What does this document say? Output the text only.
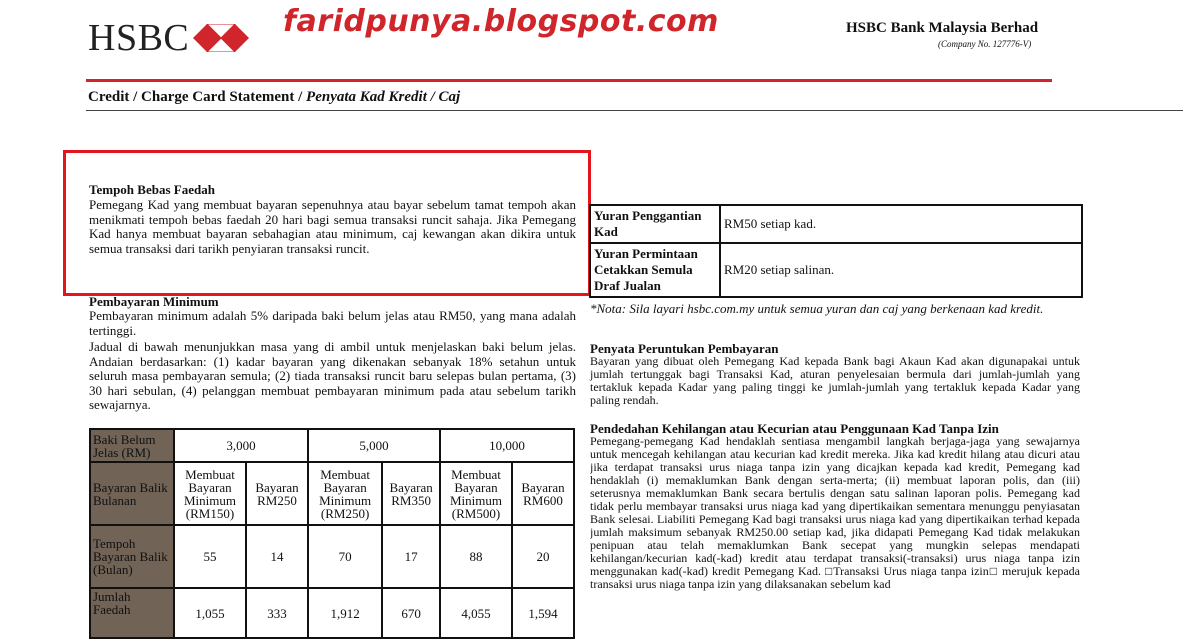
HSBC	faridpunya.blogspot.com	HSBC Bank Malaysia Berhad
(Company No. 127776-V)
Credit / Charge Card Statement / Penyata Kad Kredit / Caj
Tempoh Bebas Faedah
Pemegang Kad yang membuat bayaran sepenuhnya atau bayar sebelum tamat tempoh akan menikmati tempoh bebas faedah 20 hari bagi semua transaksi runcit sahaja. Jika Pemegang Kad hanya membuat bayaran sebahagian atau minimum, caj kewangan akan dikira untuk semua transaksi dari tarikh penyiaran transaksi runcit.
Pembayaran Minimum
Pembayaran minimum adalah 5% daripada baki belum jelas atau RM50, yang mana adalah tertinggi.
Jadual di bawah menunjukkan masa yang di ambil untuk menjelaskan baki belum jelas. Andaian berdasarkan: (1) kadar bayaran yang dikenakan sebanyak 18% setahun untuk seluruh masa pembayaran semula; (2) tiada transaksi runcit baru selepas bulan pertama, (3) 30 hari sebulan, (4) pelanggan membuat pembayaran minimum pada atau sebelum tarikh sewajarnya.
Baki Belum Jelas (RM)	3,000		5,000		10,000	
Bayaran Balik Bulanan	Membuat Bayaran Minimum (RM150)	Bayaran RM250	Membuat Bayaran Minimum (RM250)	Bayaran RM350	Membuat Bayaran Minimum (RM500)	Bayaran RM600
Tempoh Bayaran Balik (Bulan)	55	14	70	17	88	20
Jumlah Faedah	1,055	333	1,912	670	4,055	1,594
Yuran Penggantian Kad	RM50 setiap kad.
Yuran Permintaan Cetakkan Semula Draf Jualan	RM20 setiap salinan.
*Nota: Sila layari hsbc.com.my untuk semua yuran dan caj yang berkenaan kad kredit.
Penyata Peruntukan Pembayaran
Bayaran yang dibuat oleh Pemegang Kad kepada Bank bagi Akaun Kad akan digunapakai untuk jumlah tertunggak bagi Transaksi Kad, aturan penyelesaian bermula dari jumlah-jumlah yang tertakluk kepada Kadar yang paling tinggi ke jumlah-jumlah yang tertakluk kepada Kadar yang paling rendah.
Pendedahan Kehilangan atau Kecurian atau Penggunaan Kad Tanpa Izin
Pemegang-pemegang Kad hendaklah sentiasa mengambil langkah berjaga-jaga yang sewajarnya untuk mencegah kehilangan atau kecurian kad kredit mereka. Jika kad kredit hilang atau dicuri atau jika terdapat transaksi urus niaga tanpa izin yang dicajkan kepada kad kredit, Pemegang kad hendaklah (i) memaklumkan Bank dengan serta-merta; (ii) membuat laporan polis, dan (iii) seterusnya memaklumkan Bank secara bertulis dengan satu salinan laporan polis. Pemegang kad tidak perlu membayar transaksi urus niaga kad yang dipertikaikan sementara menunggu penyiasatan Bank selesai. Liabiliti Pemegang Kad bagi transaksi urus niaga kad yang dipertikaikan terhad kepada jumlah maksimum sebanyak RM250.00 setiap kad, jika didapati Pemegang Kad tidak melakukan penipuan atau telah memaklumkan Bank secepat yang mungkin selepas mendapati kehilangan/kecurian kad(-kad) kredit atau terdapat transaksi(-transaksi) urus niaga tanpa izin menggunakan kad(-kad) kredit Pemegang Kad. □Transaksi Urus niaga tanpa izin□ merujuk kepada transaksi urus niaga tanpa izin yang dilaksanakan sebelum kad
